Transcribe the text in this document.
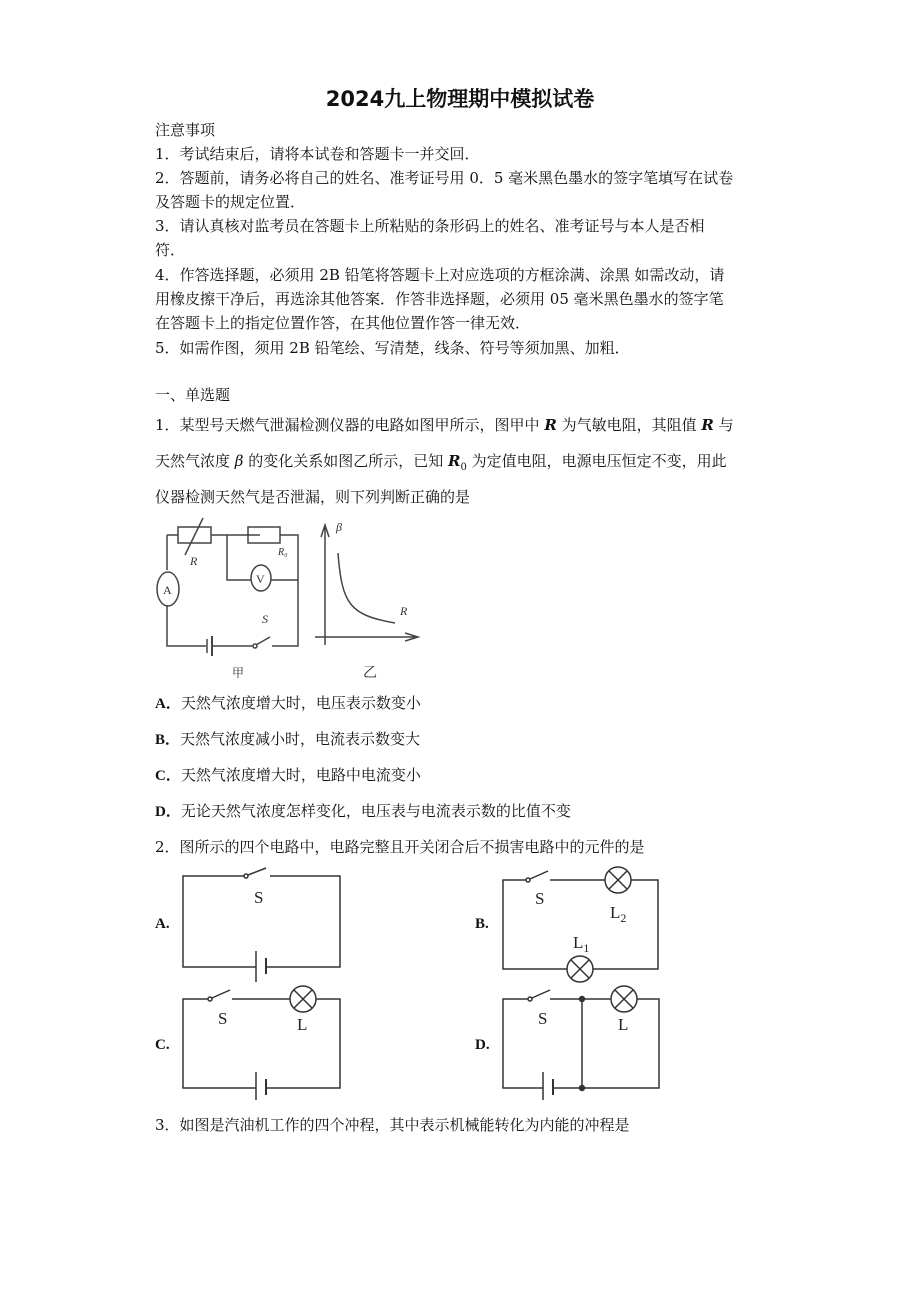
2024九上物理期中模拟试卷
注意事项
1．考试结束后，请将本试卷和答题卡一并交回．
2．答题前，请务必将自己的姓名、准考证号用 0．5 毫米黑色墨水的签字笔填写在试卷
及答题卡的规定位置．
3．请认真核对监考员在答题卡上所粘贴的条形码上的姓名、准考证号与本人是否相
符．
4．作答选择题，必须用 2B 铅笔将答题卡上对应选项的方框涂满、涂黑 如需改动，请
用橡皮擦干净后，再选涂其他答案．作答非选择题，必须用 05 毫米黑色墨水的签字笔
在答题卡上的指定位置作答，在其他位置作答一律无效．
5．如需作图，须用 2B 铅笔绘、写清楚，线条、符号等须加黑、加粗．
一、单选题
1．某型号天燃气泄漏检测仪器的电路如图甲所示，图甲中 R 为气敏电阻，其阻值 R 与
天然气浓度 β 的变化关系如图乙所示，已知 $R_0$ 为定值电阻，电源电压恒定不变，用此
仪器检测天然气是否泄漏，则下列判断正确的是
R
R₀
V
A
S
β
R
甲	乙
A．天然气浓度增大时，电压表示数变小
B．天然气浓度减小时，电流表示数变大
C．天然气浓度增大时，电路中电流变小
D．无论天然气浓度怎样变化，电压表与电流表示数的比值不变
2．图所示的四个电路中，电路完整且开关闭合后不损害电路中的元件的是
A.	B.
C.	D.
S	S
$L_2$
$L_1$
S	L	S	L
3．如图是汽油机工作的四个冲程，其中表示机械能转化为内能的冲程是
